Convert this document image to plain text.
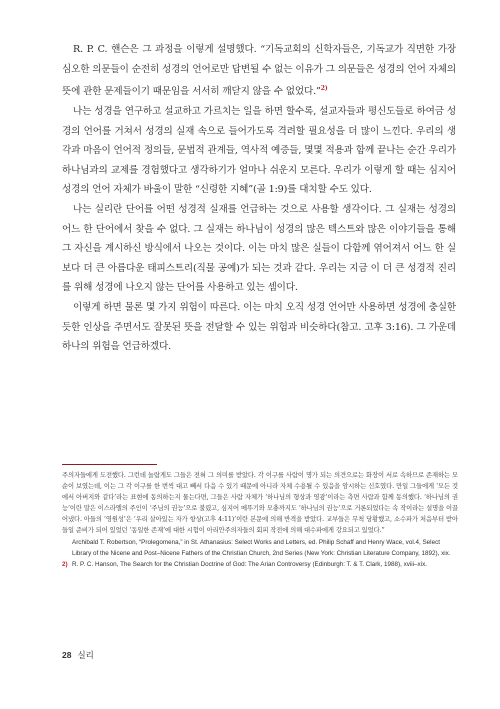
R. P. C. 핸슨은 그 과정을 이렇게 설명했다. “기독교회의 신학자들은, 기독교가 직면한 가장 심오한 의문들이 순전히 성경의 언어로만 답변될 수 없는 이유가 그 의문들은 성경의 언어 자체의 뜻에 관한 문제들이기 때문임을 서서히 깨닫지 않을 수 없었다.”$^{2)}$

나는 성경을 연구하고 설교하고 가르치는 일을 하면 할수록, 설교자들과 평신도들로 하여금 성경의 언어를 거쳐서 성경의 실재 속으로 들어가도록 격려할 필요성을 더 많이 느낀다. 우리의 생각과 마음이 언어적 정의들, 문법적 관계들, 역사적 예증들, 몇몇 적용과 함께 끝나는 순간 우리가 하나님과의 교제를 경험했다고 생각하기가 얼마나 쉬운지 모른다. 우리가 이렇게 할 때는 심지어 성경의 언어 자체가 바울이 말한 “신령한 지혜”(골 1:9)를 대치할 수도 있다.

나는 실리란 단어를 어떤 성경적 실재를 언급하는 것으로 사용할 생각이다. 그 실재는 성경의 어느 한 단어에서 찾을 수 없다. 그 실재는 하나님이 성경의 많은 텍스트와 많은 이야기들을 통해 그 자신을 계시하신 방식에서 나오는 것이다. 이는 마치 많은 실들이 다함께 엮어져서 어느 한 실보다 더 큰 아름다운 태피스트리(직물 공예)가 되는 것과 같다. 우리는 지금 이 더 큰 성경적 진리를 위해 성경에 나오지 않는 단어를 사용하고 있는 셈이다.

이렇게 하면 물론 몇 가지 위험이 따른다. 이는 마치 오직 성경 언어만 사용하면 성경에 충실한 듯한 인상을 주면서도 잘못된 뜻을 전달할 수 있는 위험과 비슷하다(참고. 고후 3:16). 그 가운데 하나의 위험을 언급하겠다.

주의자들에게 도전했다. 그런데 놀랍게도 그들은 전혀 그 의미를 받았다. 각 이구를 사람이 명가 되는 의견으로는 화장이 서로 속하므로 존재하는 모순이 보였는데, 이는 그 각 이구를 한 번씩 대고 빼서 다음 수 있기 때문에 아니라 자체 수용될 수 있음을 암시하는 신호였다. 만일 그들에게 ‘모든 것에서 아버지와 같다’라는 표현에 동의하는지 물는다면, 그들은 사람 자체가 ‘하나님의 형상과 영광’이라는 측면 사람과 함께 동의했다. ‘하나님의 권능’이란 말은 이스라엘의 주인이 ‘주님의 권능’으로 불렸고, 심지어 메뚜기와 모충까지도 ‘하나님의 권능’으로 거론되었다는 속 작이라는 설명을 이끌어냈다. 아들의 ‘영원성’은 ‘우리 살아있는 자가 항상(고후 4:11)’이란 본문에 의해 반격을 받았다. 교부들은 무척 당황했고, 소수파가 처음부터 받아들일 준비가 되어 있었던 ‘동일한 존재’에 대한 시험이 아리안주의자들의 회피 작전에 의해 대수파에게 강요되고 있었다.”

Archibald T. Robertson, “Prolegomena,” in St. Athanasius: Select Works and Letters, ed. Philip Schaff and Henry Wace, vol.4, Select Library of the Nicene and Post–Nicene Fathers of the Christian Church, 2nd Series (New York: Christian Literature Company, 1892), xix.
2) R. P. C. Hanson, The Search for the Christian Doctrine of God: The Arian Controversy (Edinburgh: T. & T. Clark, 1988), xviii–xix.
28 실리
